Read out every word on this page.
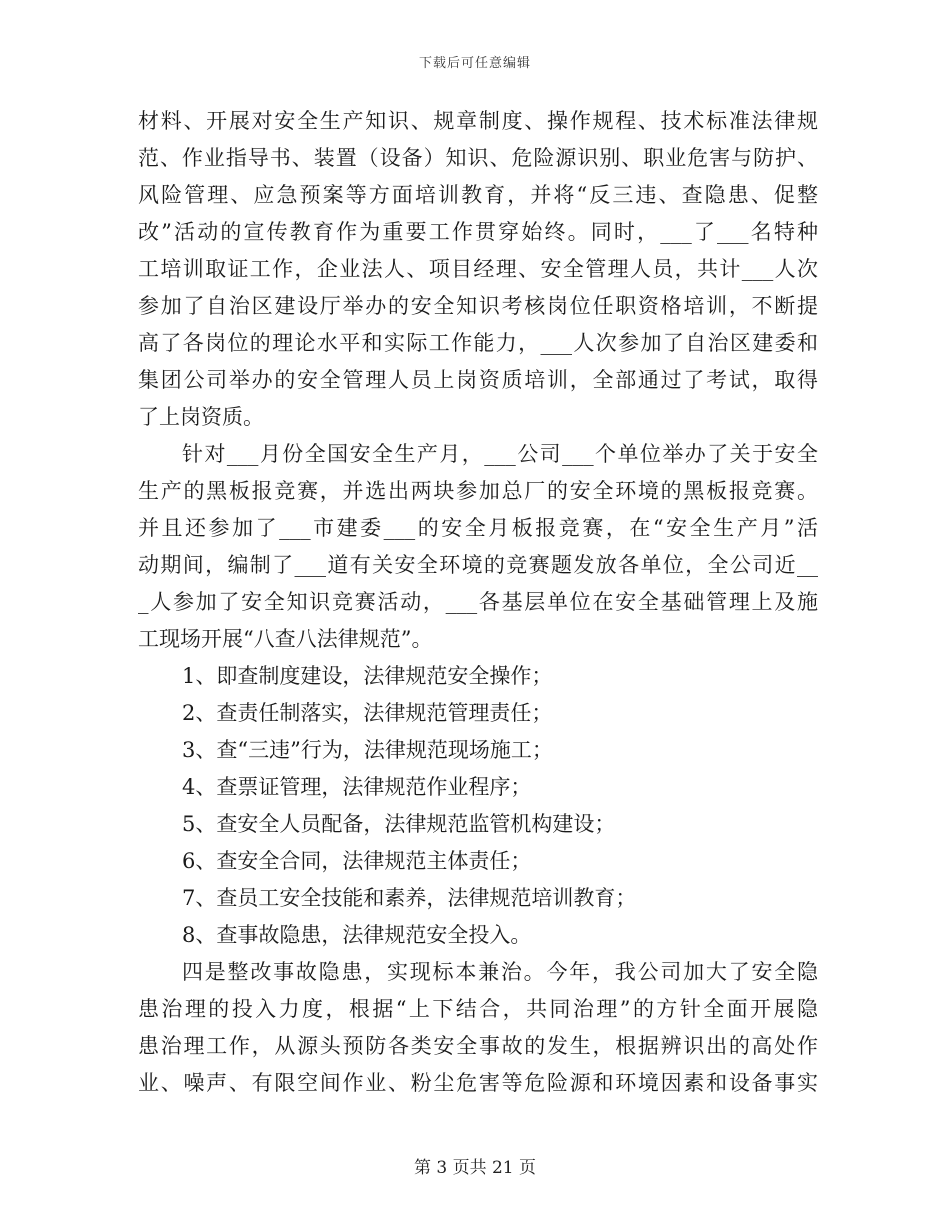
下载后可任意编辑
材料、开展对安全生产知识、规章制度、操作规程、技术标准法律规
范、作业指导书、装置（设备）知识、危险源识别、职业危害与防护、
风险管理、应急预案等方面培训教育，并将“反三违、查隐患、促整
改”活动的宣传教育作为重要工作贯穿始终。同时，___了___名特种
工培训取证工作，企业法人、项目经理、安全管理人员，共计___人次
参加了自治区建设厅举办的安全知识考核岗位任职资格培训，不断提
高了各岗位的理论水平和实际工作能力，___人次参加了自治区建委和
集团公司举办的安全管理人员上岗资质培训，全部通过了考试，取得
了上岗资质。
针对___月份全国安全生产月，___公司___个单位举办了关于安全
生产的黑板报竞赛，并选出两块参加总厂的安全环境的黑板报竞赛。
并且还参加了___市建委___的安全月板报竞赛，在“安全生产月”活
动期间，编制了___道有关安全环境的竞赛题发放各单位，全公司近__
_人参加了安全知识竞赛活动，___各基层单位在安全基础管理上及施
工现场开展“八查八法律规范”。
1、即查制度建设，法律规范安全操作；
2、查责任制落实，法律规范管理责任；
3、查“三违”行为，法律规范现场施工；
4、查票证管理，法律规范作业程序；
5、查安全人员配备，法律规范监管机构建设；
6、查安全合同，法律规范主体责任；
7、查员工安全技能和素养，法律规范培训教育；
8、查事故隐患，法律规范安全投入。
四是整改事故隐患，实现标本兼治。今年，我公司加大了安全隐
患治理的投入力度，根据“上下结合，共同治理”的方针全面开展隐
患治理工作，从源头预防各类安全事故的发生，根据辨识出的高处作
业、噪声、有限空间作业、粉尘危害等危险源和环境因素和设备事实
第 3 页共 21 页
